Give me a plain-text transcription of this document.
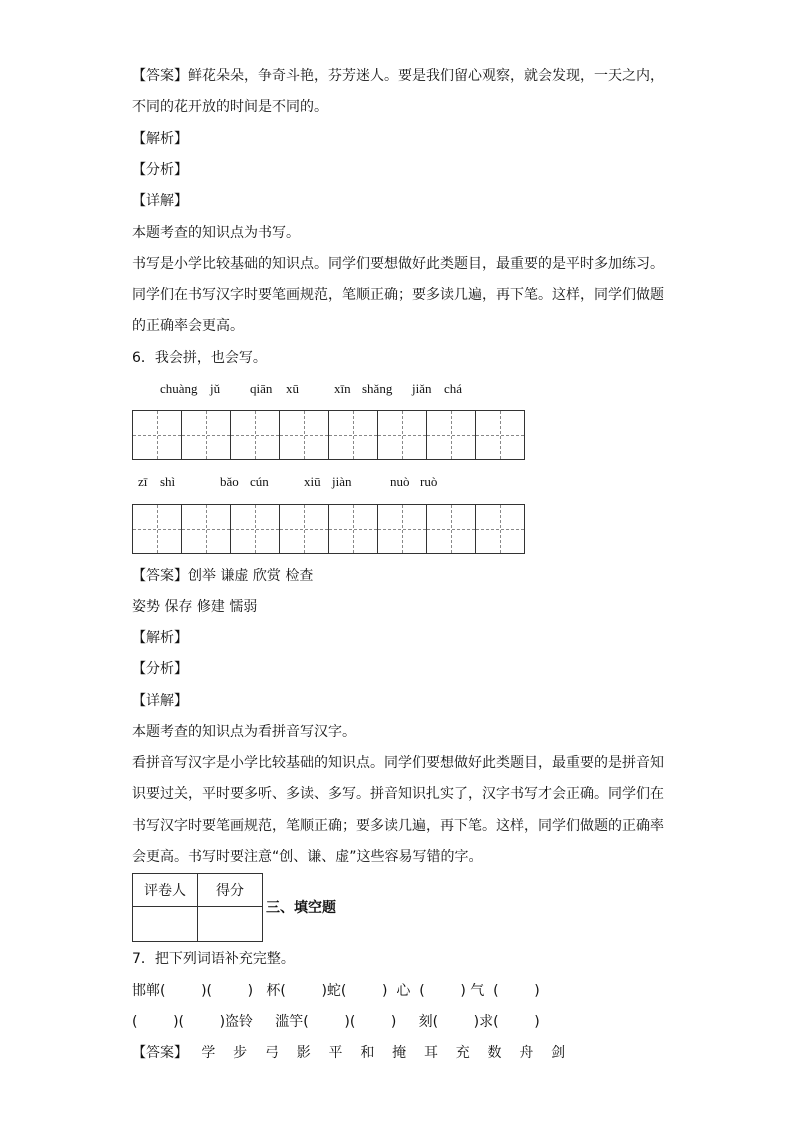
【答案】鲜花朵朵，争奇斗艳，芬芳迷人。要是我们留心观察，就会发现，一天之内，
不同的花开放的时间是不同的。
【解析】
【分析】
【详解】
本题考查的知识点为书写。
书写是小学比较基础的知识点。同学们要想做好此类题目，最重要的是平时多加练习。
同学们在书写汉字时要笔画规范，笔顺正确；要多读几遍，再下笔。这样，同学们做题
的正确率会更高。
6．我会拼，也会写。
chuàng jǔ qiān xū	xīn shǎng jiǎn chá
zī shì	bǎo cún	xiū jiàn	nuò ruò
【答案】创举 谦虚 欣赏 检查
姿势 保存 修建 懦弱
【解析】
【分析】
【详解】
本题考查的知识点为看拼音写汉字。
看拼音写汉字是小学比较基础的知识点。同学们要想做好此类题目，最重要的是拼音知
识要过关，平时要多听、多读、多写。拼音知识扎实了，汉字书写才会正确。同学们在
书写汉字时要笔画规范，笔顺正确；要多读几遍，再下笔。这样，同学们做题的正确率
会更高。书写时要注意“创、谦、虚”这些容易写错的字。
评卷人	得分

三、填空题
7．把下列词语补充完整。
邯郸(        )(        )   杯(        )蛇(        )  心  (        ) 气  (        )
(        )(        )盗铃     滥竽(        )(        )     刻(        )求(        )
【答案】   学    步    弓    影    平    和    掩    耳    充    数    舟    剑
